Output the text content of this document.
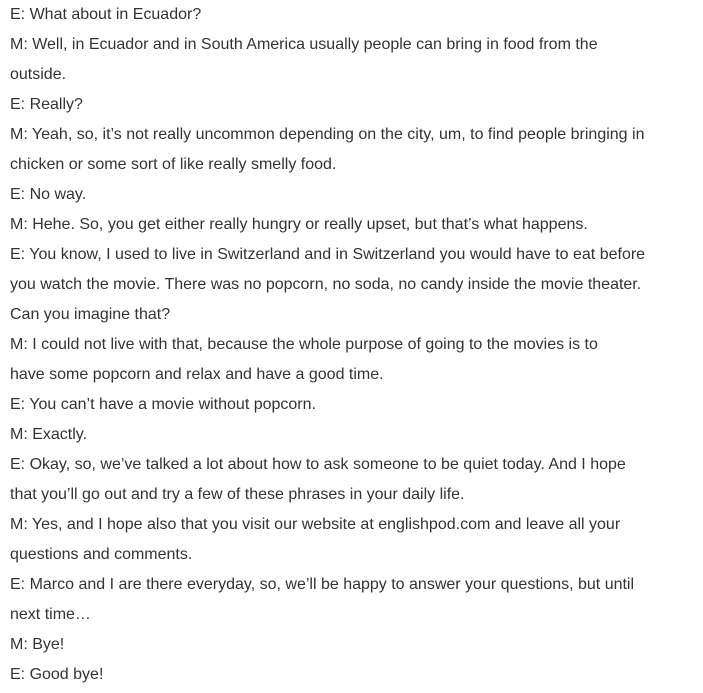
E: What about in Ecuador?
M: Well, in Ecuador and in South America usually people can bring in food from the
outside.
E: Really?
M: Yeah, so, it’s not really uncommon depending on the city, um, to find people bringing in
chicken or some sort of like really smelly food.
E: No way.
M: Hehe. So, you get either really hungry or really upset, but that’s what happens.
E: You know, I used to live in Switzerland and in Switzerland you would have to eat before
you watch the movie. There was no popcorn, no soda, no candy inside the movie theater.
Can you imagine that?
M: I could not live with that, because the whole purpose of going to the movies is to
have some popcorn and relax and have a good time.
E: You can’t have a movie without popcorn.
M: Exactly.
E: Okay, so, we’ve talked a lot about how to ask someone to be quiet today. And I hope
that you’ll go out and try a few of these phrases in your daily life.
M: Yes, and I hope also that you visit our website at englishpod.com and leave all your
questions and comments.
E: Marco and I are there everyday, so, we’ll be happy to answer your questions, but until
next time…
M: Bye!
E: Good bye!
